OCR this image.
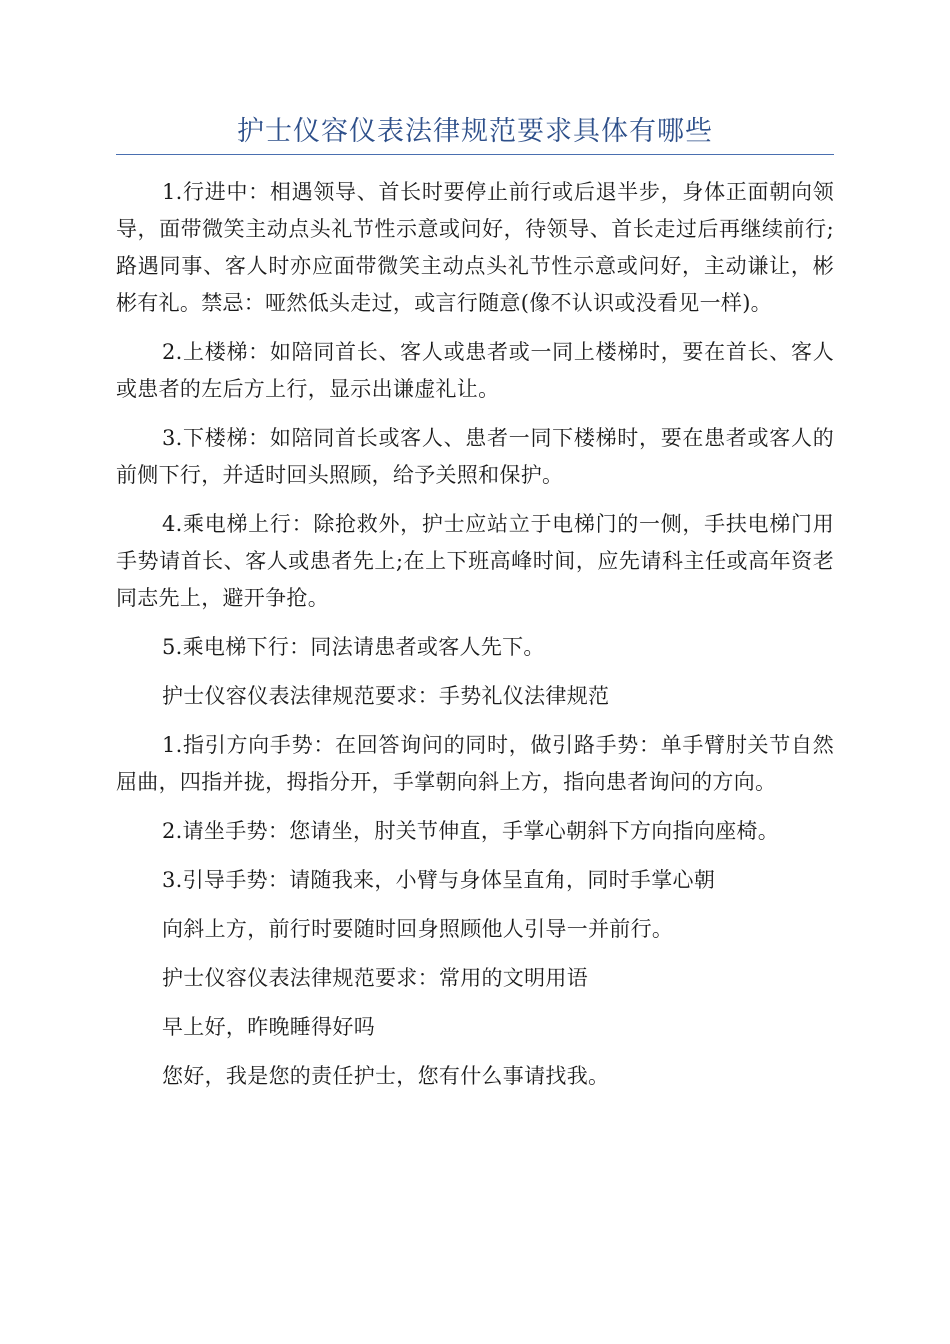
护士仪容仪表法律规范要求具体有哪些

1.行进中：相遇领导、首长时要停止前行或后退半步，身体正面朝向领导，面带微笑主动点头礼节性示意或问好，待领导、首长走过后再继续前行;路遇同事、客人时亦应面带微笑主动点头礼节性示意或问好，主动谦让，彬彬有礼。禁忌：哑然低头走过，或言行随意(像不认识或没看见一样)。

2.上楼梯：如陪同首长、客人或患者或一同上楼梯时，要在首长、客人或患者的左后方上行，显示出谦虚礼让。

3.下楼梯：如陪同首长或客人、患者一同下楼梯时，要在患者或客人的前侧下行，并适时回头照顾，给予关照和保护。

4.乘电梯上行：除抢救外，护士应站立于电梯门的一侧，手扶电梯门用手势请首长、客人或患者先上;在上下班高峰时间，应先请科主任或高年资老同志先上，避开争抢。

5.乘电梯下行：同法请患者或客人先下。

护士仪容仪表法律规范要求：手势礼仪法律规范

1.指引方向手势：在回答询问的同时，做引路手势：单手臂肘关节自然屈曲，四指并拢，拇指分开，手掌朝向斜上方，指向患者询问的方向。

2.请坐手势：您请坐，肘关节伸直，手掌心朝斜下方向指向座椅。

3.引导手势：请随我来，小臂与身体呈直角，同时手掌心朝

向斜上方，前行时要随时回身照顾他人引导一并前行。

护士仪容仪表法律规范要求：常用的文明用语

早上好，昨晚睡得好吗

您好，我是您的责任护士，您有什么事请找我。
